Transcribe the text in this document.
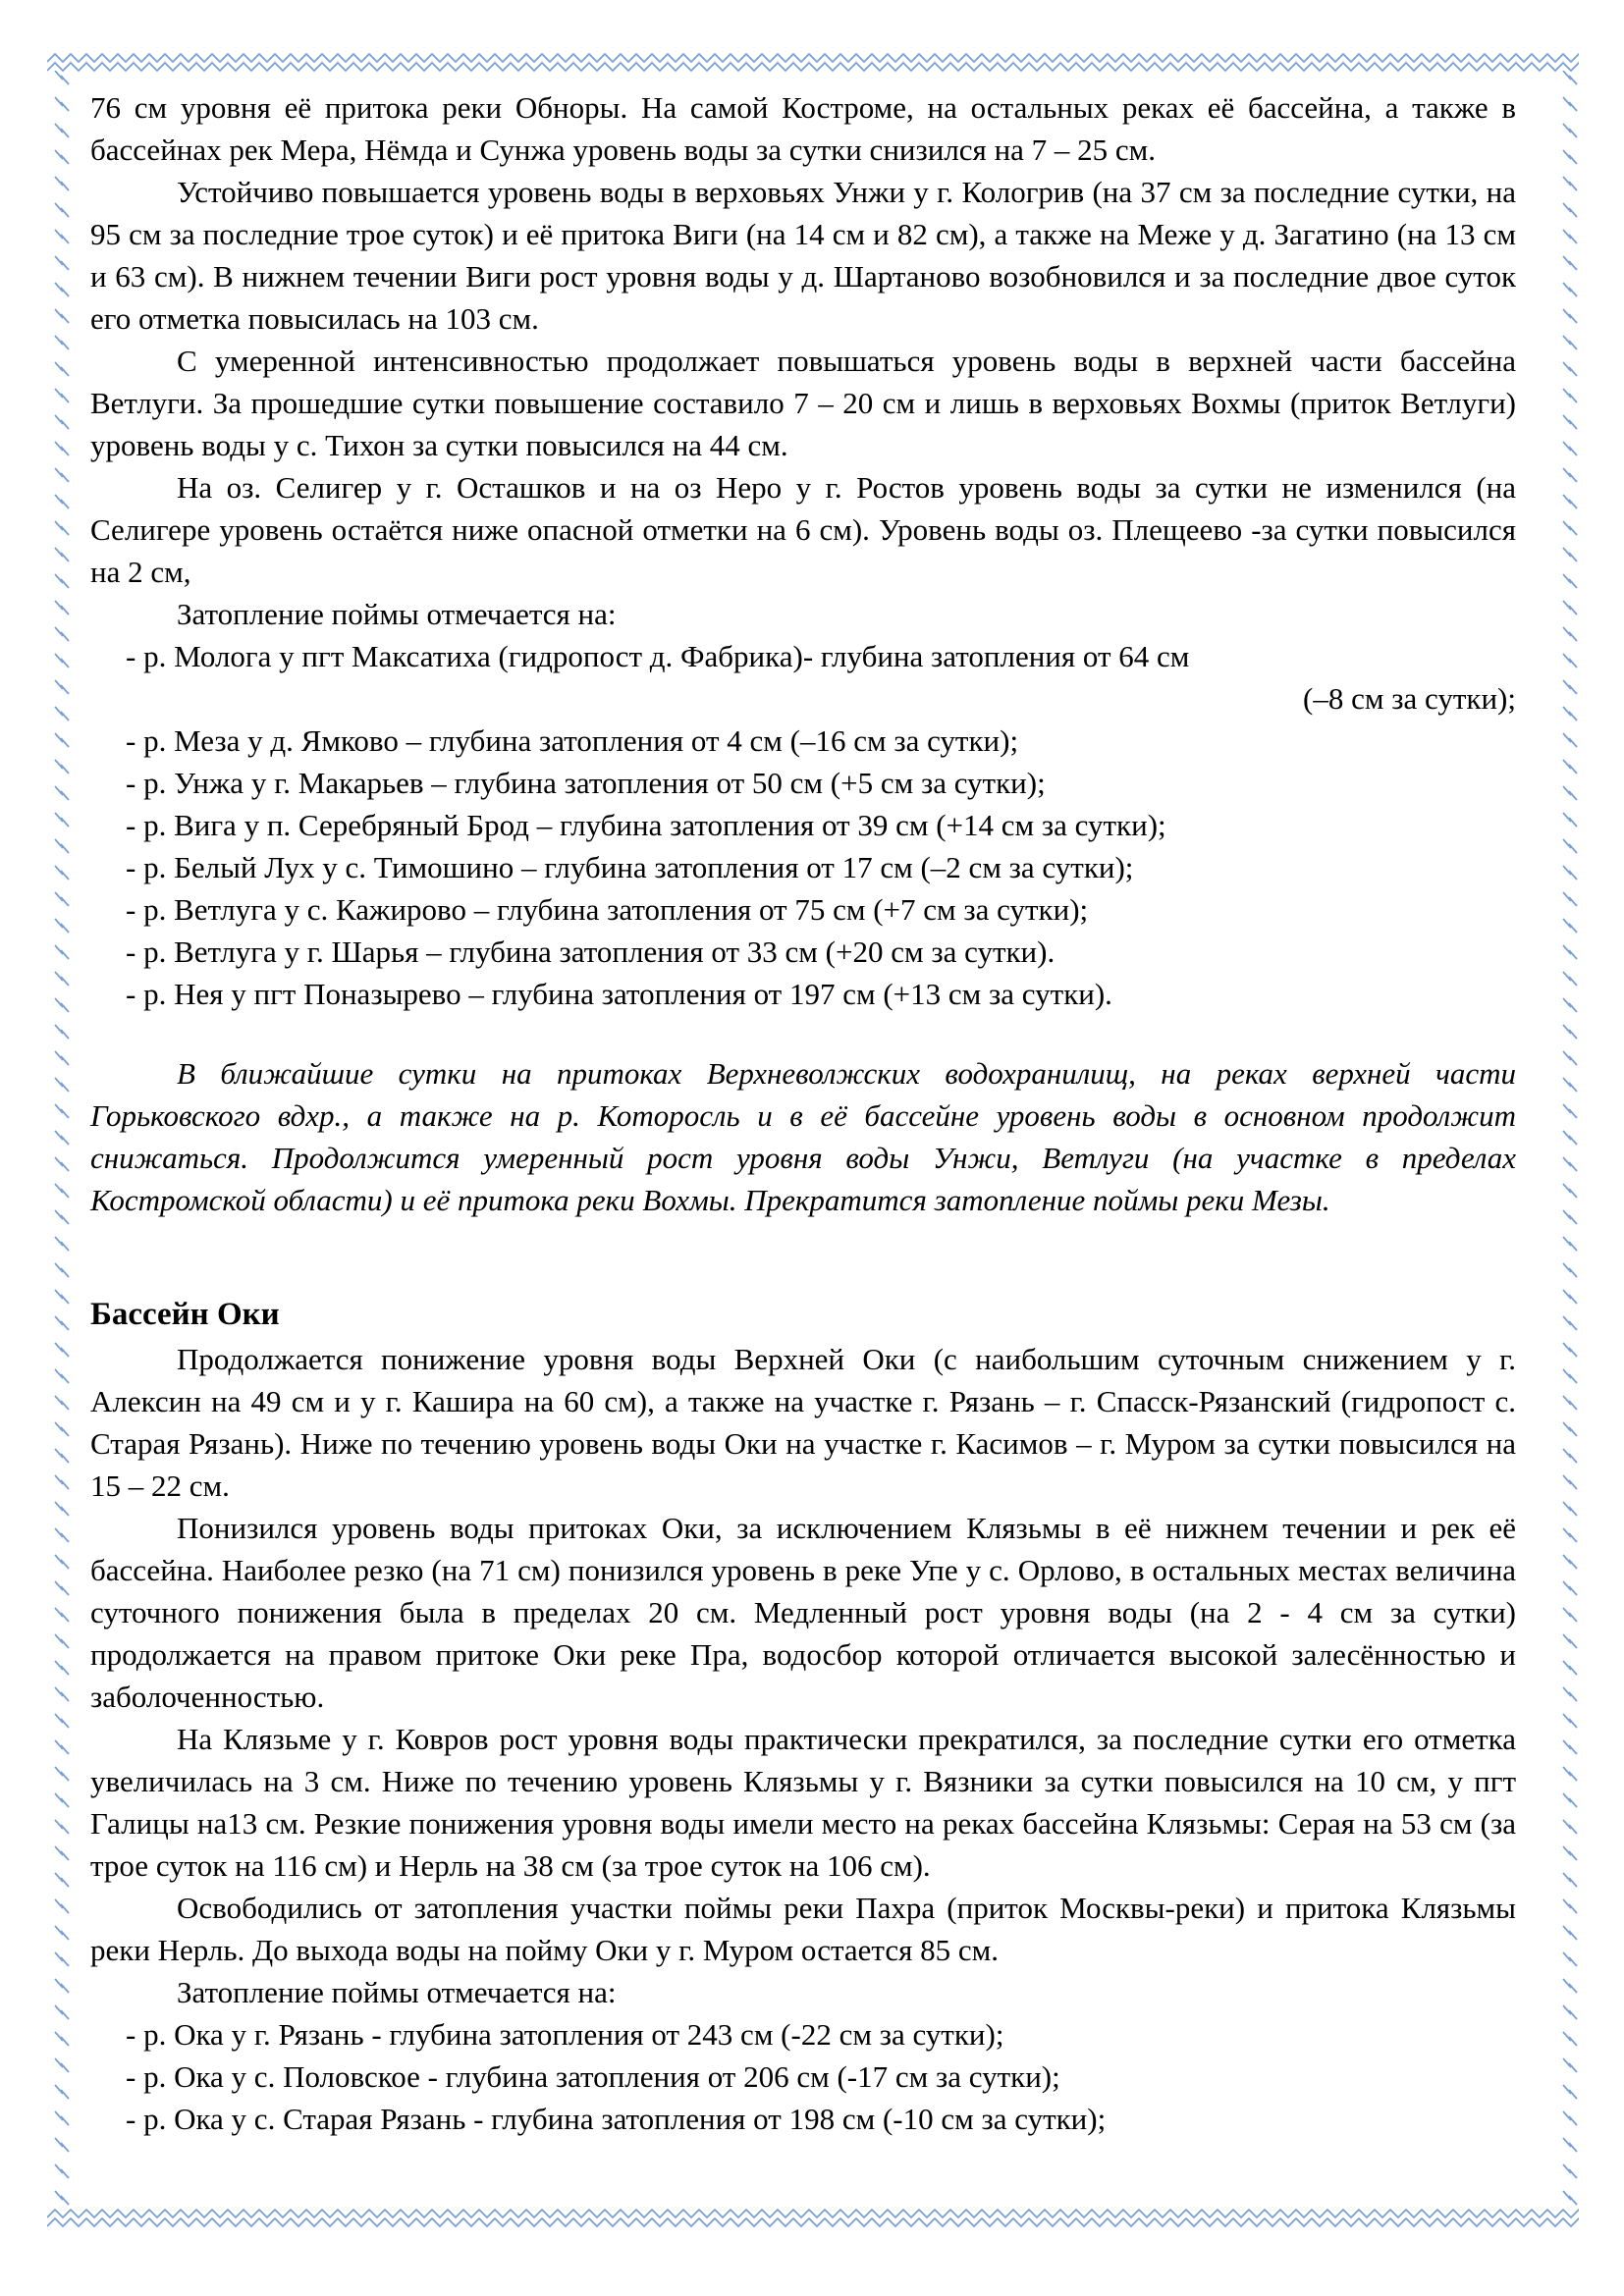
76 см уровня её притока реки Обноры. На самой Костроме, на остальных реках её бассейна, а также в бассейнах рек Мера, Нёмда и Сунжа уровень воды за сутки снизился на 7 – 25 см.

Устойчиво повышается уровень воды в верховьях Унжи у г. Кологрив (на 37 см за последние сутки, на 95 см за последние трое суток) и её притока Виги (на 14 см и 82 см), а также на Меже у д. Загатино (на 13 см и 63 см). В нижнем течении Виги рост уровня воды у д. Шартаново возобновился и за последние двое суток его отметка повысилась на 103 см.

С умеренной интенсивностью продолжает повышаться уровень воды в верхней части бассейна Ветлуги. За прошедшие сутки повышение составило 7 – 20 см и лишь в верховьях Вохмы (приток Ветлуги) уровень воды у с. Тихон за сутки повысился на 44 см.

На оз. Селигер у г. Осташков и на оз Неро у г. Ростов уровень воды за сутки не изменился (на Селигере уровень остаётся ниже опасной отметки на 6 см). Уровень воды оз. Плещеево -за сутки повысился на 2 см,

Затопление поймы отмечается на:

- р. Молога у пгт Максатиха (гидропост д. Фабрика)- глубина затопления от 64 см
(–8 см за сутки);
- р. Меза у д. Ямково – глубина затопления от 4 см (–16 см за сутки);
- р. Унжа у г. Макарьев – глубина затопления от 50 см (+5 см за сутки);
- р. Вига у п. Серебряный Брод – глубина затопления от 39 см (+14 см за сутки);
- р. Белый Лух у с. Тимошино – глубина затопления от 17 см (–2 см за сутки);
- р. Ветлуга у с. Кажирово – глубина затопления от 75 см (+7 см за сутки);
- р. Ветлуга у г. Шарья – глубина затопления от 33 см (+20 см за сутки).
- р. Нея у пгт Поназырево – глубина затопления от 197 см (+13 см за сутки).

В ближайшие сутки на притоках Верхневолжских водохранилищ, на реках верхней части Горьковского вдхр., а также на р. Которосль и в её бассейне уровень воды в основном продолжит снижаться. Продолжится умеренный рост уровня воды Унжи, Ветлуги (на участке в пределах Костромской области) и её притока реки Вохмы. Прекратится затопление поймы реки Мезы.

Бассейн Оки

Продолжается понижение уровня воды Верхней Оки (с наибольшим суточным снижением у г. Алексин на 49 см и у г. Кашира на 60 см), а также на участке г. Рязань – г. Спасск-Рязанский (гидропост с. Старая Рязань). Ниже по течению уровень воды Оки на участке г. Касимов – г. Муром за сутки повысился на 15 – 22 см.

Понизился уровень воды притоках Оки, за исключением Клязьмы в её нижнем течении и рек её бассейна. Наиболее резко (на 71 см) понизился уровень в реке Упе у с. Орлово, в остальных местах величина суточного понижения была в пределах 20 см. Медленный рост уровня воды (на 2 - 4 см за сутки) продолжается на правом притоке Оки реке Пра, водосбор которой отличается высокой залесённостью и заболоченностью.

На Клязьме у г. Ковров рост уровня воды практически прекратился, за последние сутки его отметка увеличилась на 3 см. Ниже по течению уровень Клязьмы у г. Вязники за сутки повысился на 10 см, у пгт Галицы на13 см. Резкие понижения уровня воды имели место на реках бассейна Клязьмы: Серая на 53 см (за трое суток на 116 см) и Нерль на 38 см (за трое суток на 106 см).

Освободились от затопления участки поймы реки Пахра (приток Москвы-реки) и притока Клязьмы реки Нерль. До выхода воды на пойму Оки у г. Муром остается 85 см.

Затопление поймы отмечается на:

- р. Ока у г. Рязань - глубина затопления от 243 см (-22 см за сутки);
- р. Ока у с. Половское - глубина затопления от 206 см (-17 см за сутки);
- р. Ока у с. Старая Рязань - глубина затопления от 198 см (-10 см за сутки);
